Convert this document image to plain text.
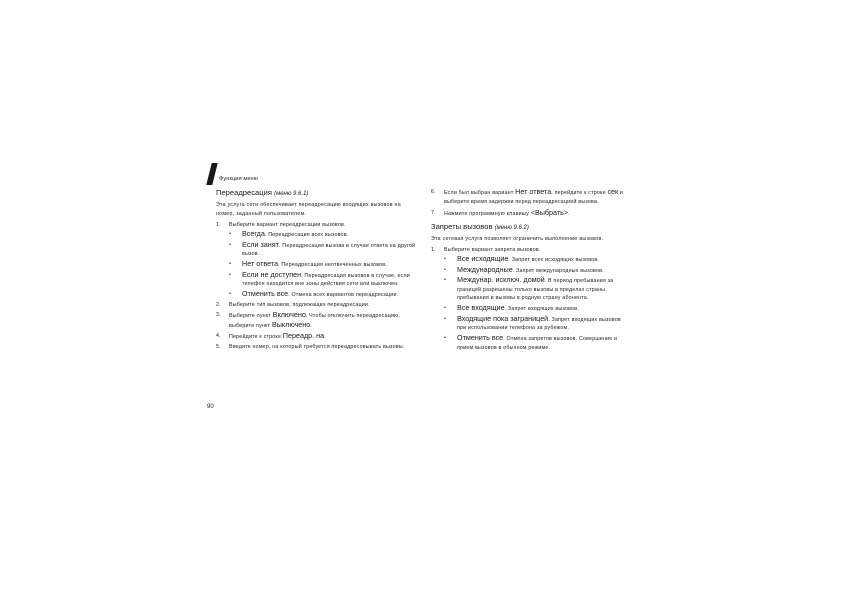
Функции меню
Переадресация (меню 9.6.1)

Эта услуга сети обеспечивает переадресацию входящих вызовов на номер, заданный пользователем.

1. Выберите вариант переадресации вызовов.
• Всегда. Переадресация всех вызовов.
• Если занят. Переадресация вызова в случае ответа на другой вызов.
• Нет ответа. Переадресация неотвеченных вызовов.
• Если не доступен. Переадресация вызовов в случае, если телефон находится вне зоны действия сети или выключен.
• Отменить все. Отмена всех вариантов переадресации.
2. Выберите тип вызовов, подлежащих переадресации.
3. Выберите пункт Включено. Чтобы отключить переадресацию, выберите пункт Выключено.
4. Перейдите к строке Переадр. на.
5. Введите номер, на который требуется переадресовывать вызовы.
6. Если был выбран вариант Нет ответа, перейдите к строке сек и выберите время задержки перед переадресацией вызова.
7. Нажмите программную клавишу <Выбрать>.
Запреты вызовов (меню 9.6.2)

Эта сетевая услуга позволяет ограничить выполнение вызовов.

1. Выберите вариант запрета вызовов.
• Все исходящие. Запрет всех исходящих вызовов.
• Международные. Запрет международных вызовов.
• Междунар. исключ. домой. В период пребывания за границей разрешены только вызовы в пределах страны пребывания и вызовы в родную страну абонента.
• Все входящие. Запрет входящих вызовов.
• Входящие пока заграницей. Запрет входящих вызовов при использовании телефона за рубежом.
• Отменить все. Отмена запретов вызовов. Совершение и прием вызовов в обычном режиме.
90
